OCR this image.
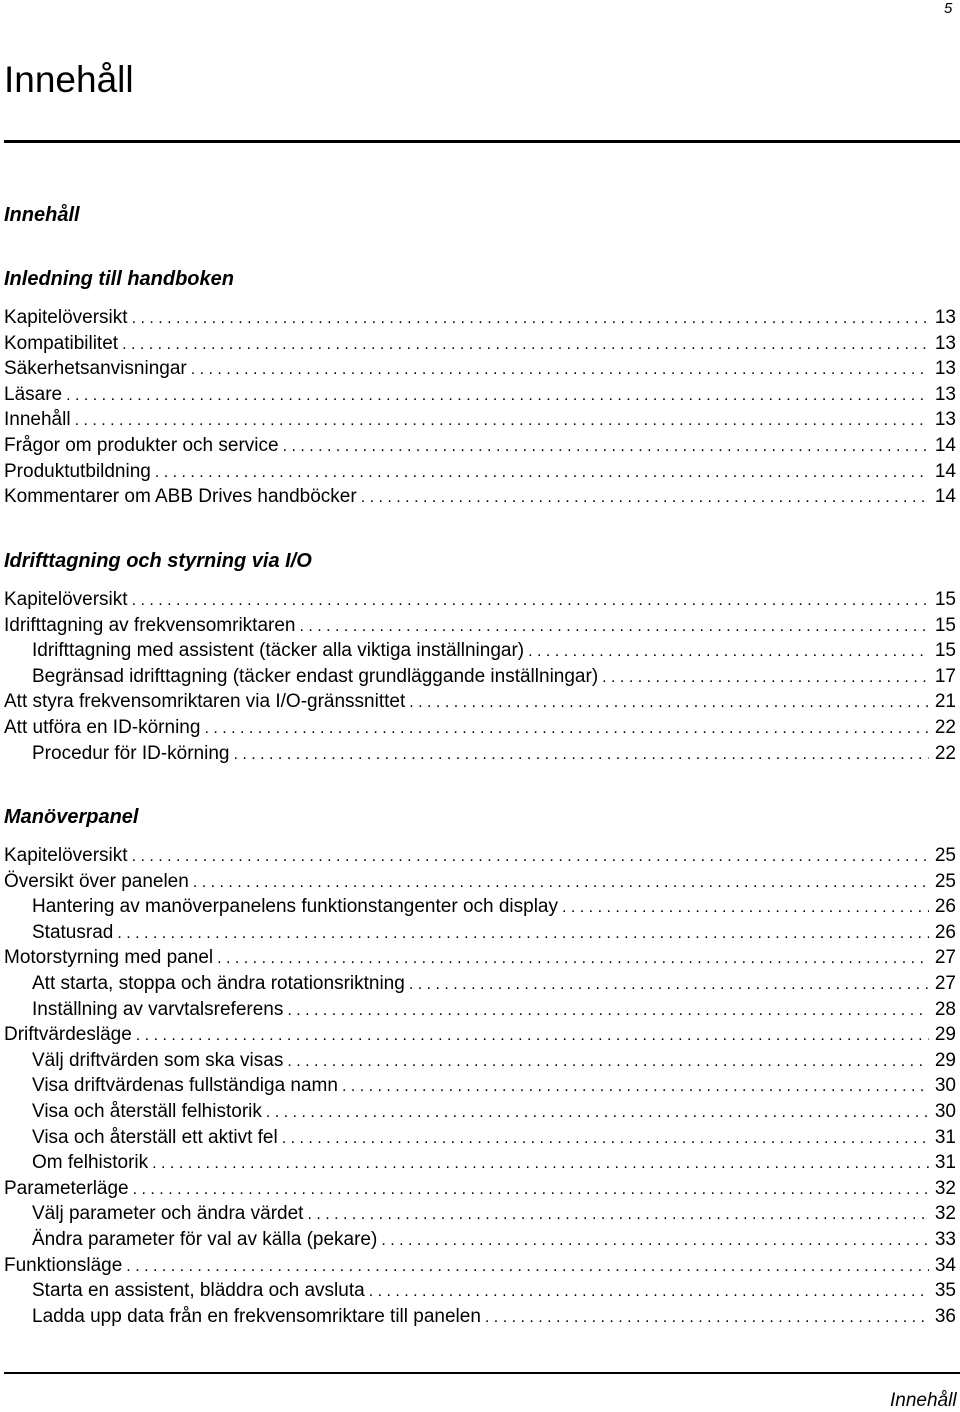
5
Innehåll
Innehåll
Inledning till handboken
Kapitelöversikt . . .	13
Kompatibilitet . . .	13
Säkerhetsanvisningar . . .	13
Läsare . . .	13
Innehåll . . .	13
Frågor om produkter och service . . .	14
Produktutbildning . . .	14
Kommentarer om ABB Drives handböcker . . .	14
Idrifttagning och styrning via I/O
Kapitelöversikt . . .	15
Idrifttagning av frekvensomriktaren . . .	15
Idrifttagning med assistent (täcker alla viktiga inställningar) . . .	15
Begränsad idrifttagning (täcker endast grundläggande inställningar) . . .	17
Att styra frekvensomriktaren via I/O-gränssnittet . . .	21
Att utföra en ID-körning . . .	22
Procedur för ID-körning . . .	22
Manöverpanel
Kapitelöversikt . . .	25
Översikt över panelen . . .	25
Hantering av manöverpanelens funktionstangenter och display . . .	26
Statusrad . . .	26
Motorstyrning med panel . . .	27
Att starta, stoppa och ändra rotationsriktning . . .	27
Inställning av varvtalsreferens . . .	28
Driftvärdesläge . . .	29
Välj driftvärden som ska visas . . .	29
Visa driftvärdenas fullständiga namn . . .	30
Visa och återställ felhistorik . . .	30
Visa och återställ ett aktivt fel . . .	31
Om felhistorik . . .	31
Parameterläge . . .	32
Välj parameter och ändra värdet . . .	32
Ändra parameter för val av källa (pekare) . . .	33
Funktionsläge . . .	34
Starta en assistent, bläddra och avsluta . . .	35
Ladda upp data från en frekvensomriktare till panelen . . .	36
Innehåll
